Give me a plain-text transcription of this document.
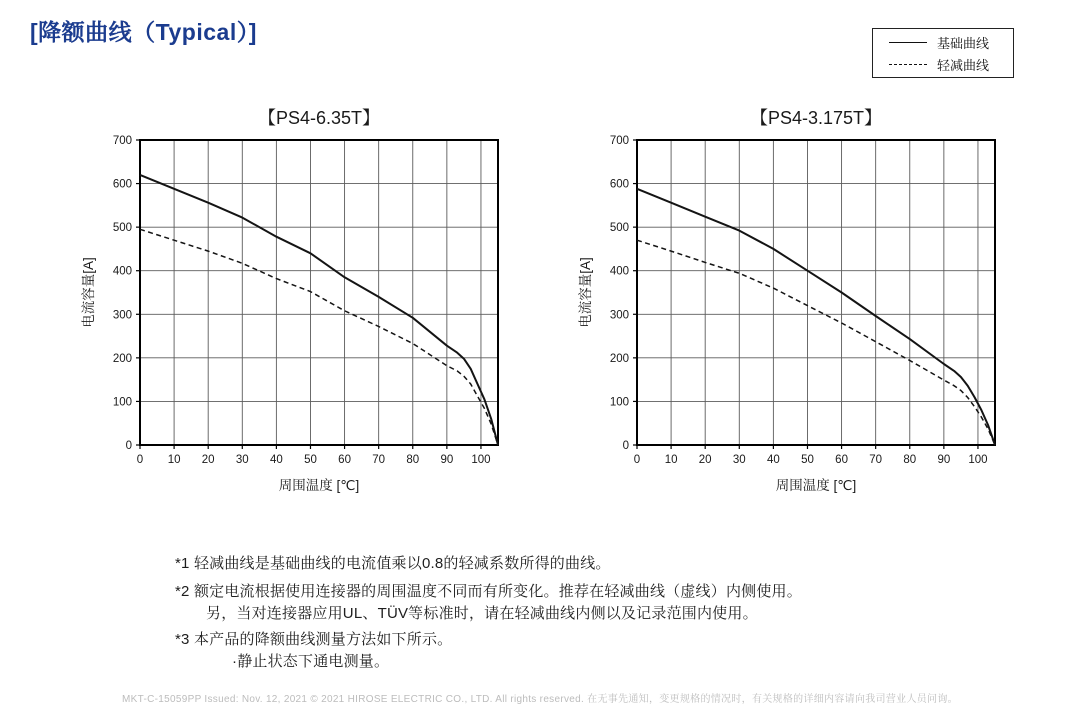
[降额曲线（Typical）]	基础曲线
轻减曲线
0 10 20 30 40 50 60 70 80 90 100
0
100
200
300
400
500
600
700
【PS4-6.35T】
周围温度 [℃]
电流容量[A]
0 10 20 30 40 50 60 70 80 90 100
0
100
200
300
400
500
600
700
【PS4-3.175T】
周围温度 [℃]
电流容量[A]
*1 轻减曲线是基础曲线的电流值乘以0.8的轻减系数所得的曲线。
*2 额定电流根据使用连接器的周围温度不同而有所变化。推荐在轻减曲线（虚线）内侧使用。
另，当对连接器应用UL、TÜV等标准时，请在轻减曲线内侧以及记录范围内使用。
*3 本产品的降额曲线测量方法如下所示。
·静止状态下通电测量。
MKT-C-15059PP Issued: Nov. 12, 2021 © 2021 HIROSE ELECTRIC CO., LTD. All rights reserved. 在无事先通知，变更规格的情况时，有关规格的详细内容请向我司营业人员问询。
